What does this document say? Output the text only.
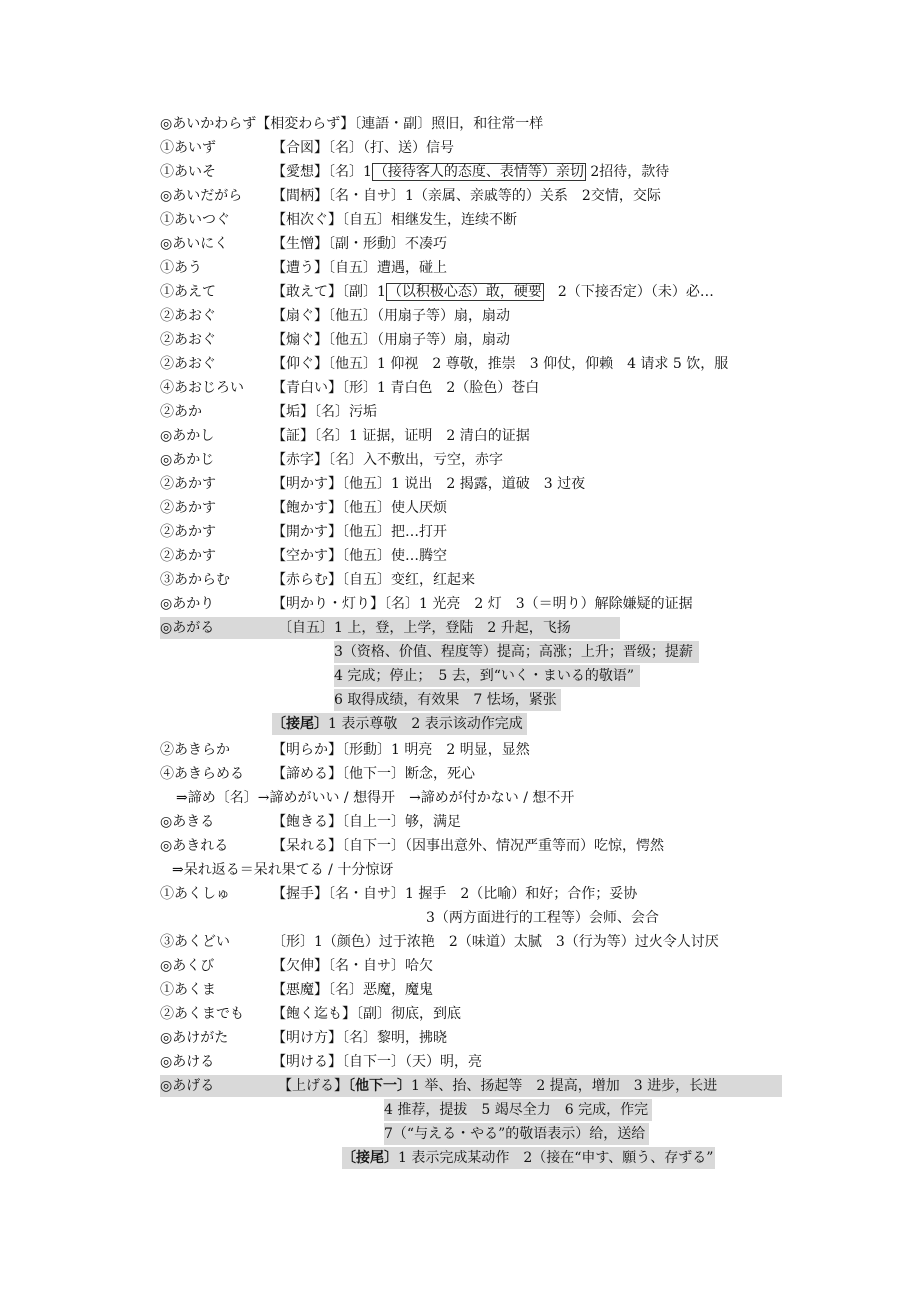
◎あいかわらず【相変わらず】〔連語・副〕照旧，和往常一样
①あいず	【合図】〔名〕（打、送）信号
①あいそ	【愛想】〔名〕1 （接待客人的态度、表情等）亲切 2招待，款待
◎あいだがら 【間柄】〔名・自サ〕1（亲属、亲戚等的）关系　2交情，交际
①あいつぐ	【相次ぐ】〔自五〕相继发生，连续不断
◎あいにく	【生憎】〔副・形動〕不凑巧
①あう	【遭う】〔自五〕遭遇，碰上
①あえて	【敢えて】〔副〕1 （以积极心态）敢，硬要　2（下接否定）（未）必…
②あおぐ	【扇ぐ】〔他五〕（用扇子等）扇，扇动
②あおぐ	【煽ぐ】〔他五〕（用扇子等）扇，扇动
②あおぐ	【仰ぐ】〔他五〕1 仰视　2 尊敬，推崇　3 仰仗，仰赖　4 请求 5 饮，服
④あおじろい 【青白い】〔形〕1 青白色　2（脸色）苍白
②あか	【垢】〔名〕污垢
◎あかし	【証】〔名〕1 证据，证明　2 清白的证据
◎あかじ	【赤字】〔名〕入不敷出，亏空，赤字
②あかす	【明かす】〔他五〕1 说出　2 揭露，道破　3 过夜
②あかす	【飽かす】〔他五〕使人厌烦
②あかす	【開かす】〔他五〕把…打开
②あかす	【空かす】〔他五〕使…腾空
③あからむ	【赤らむ】〔自五〕变红，红起来
◎あかり	【明かり・灯り】〔名〕1 光亮　2 灯　3（＝明り）解除嫌疑的证据
◎あがる	〔自五〕1 上，登，上学，登陆　2 升起，飞扬
3（资格、价值、程度等）提高；高涨；上升；晋级；提薪
4 完成；停止；　5 去，到“いく・まいる的敬语”
6 取得成绩，有效果　7 怯场，紧张
〔接尾〕1 表示尊敬　2 表示该动作完成
②あきらか	【明らか】〔形動〕1 明亮　2 明显，显然
④あきらめる 【諦める】〔他下一〕断念，死心
⇒諦め〔名〕→諦めがいい / 想得开　→諦めが付かない / 想不开
◎あきる	【飽きる】〔自上一〕够，满足
◎あきれる	【呆れる】〔自下一〕（因事出意外、情况严重等而）吃惊，愕然
⇒呆れ返る＝呆れ果てる / 十分惊讶
①あくしゅ	【握手】〔名・自サ〕1 握手　2（比喻）和好；合作；妥协
3（两方面进行的工程等）会师、会合
③あくどい	〔形〕1（颜色）过于浓艳　2（味道）太腻　3（行为等）过火令人讨厌
◎あくび	【欠伸】〔名・自サ〕哈欠
①あくま	【悪魔】〔名〕恶魔，魔鬼
②あくまでも 【飽く迄も】〔副〕彻底，到底
◎あけがた	【明け方】〔名〕黎明，拂晓
◎あける	【明ける】〔自下一〕（天）明，亮
◎あげる	【上げる】〔他下一〕1 举、抬、扬起等　2 提高，增加　3 进步，长进
4 推荐，提拔　5 竭尽全力　6 完成，作完
7（“与える・やる”的敬语表示）给，送给
〔接尾〕1 表示完成某动作　2（接在“申す、願う、存ずる”
